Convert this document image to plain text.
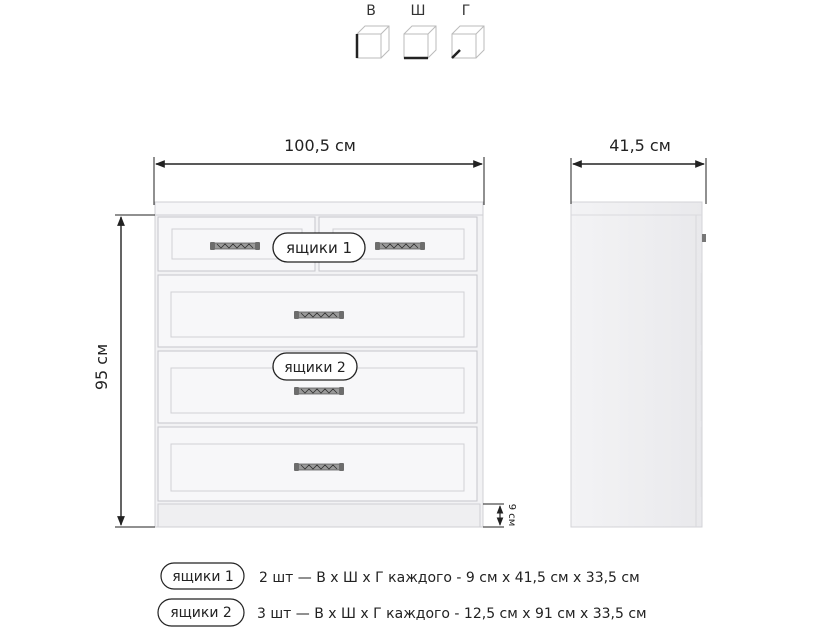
В Ш	Г
ящики 1
ящики 2
100,5 см
95 см
9 см
41,5 см
ящики 1 2 шт — В х Ш х Г каждого - 9 см х 41,5 см х 33,5 см
ящики 2 3 шт — В х Ш х Г каждого - 12,5 см х 91 см х 33,5 см
